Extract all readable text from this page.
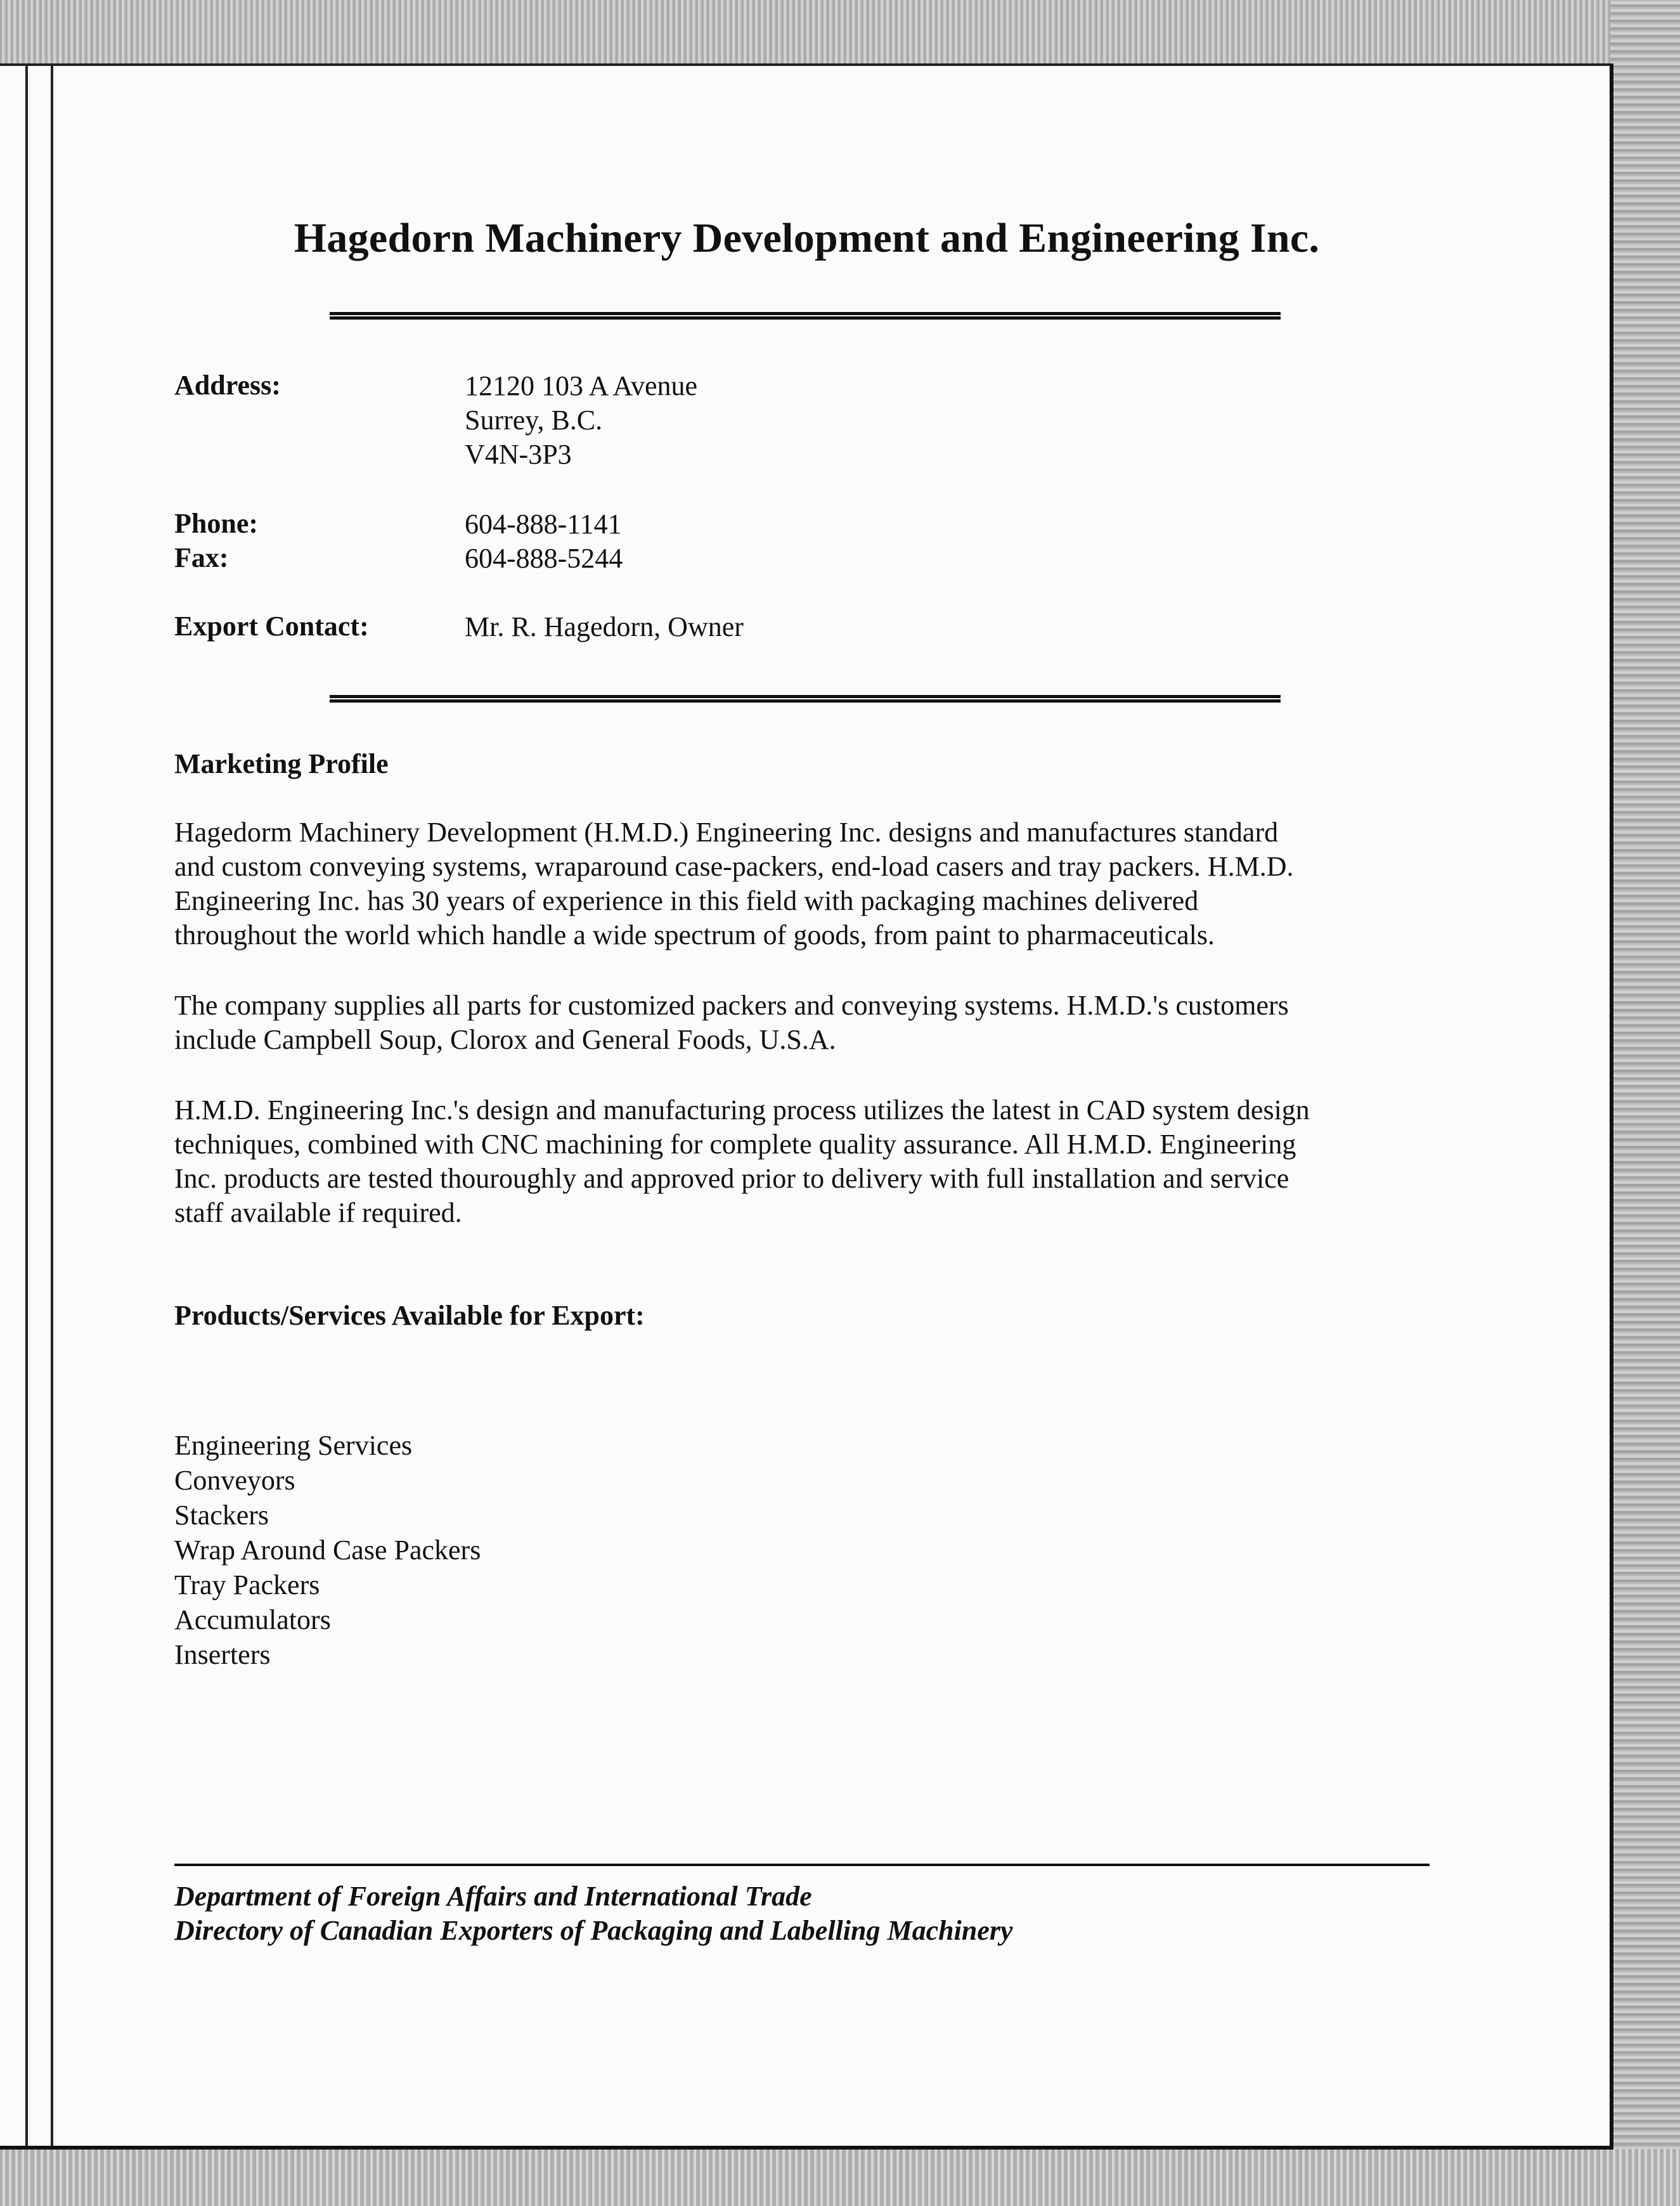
Hagedorn Machinery Development and Engineering Inc.
Address:	12120 103 A Avenue
Surrey, B.C.
V4N-3P3
Phone:	604-888-1141
Fax:	604-888-5244
Export Contact:	Mr. R. Hagedorn, Owner
Marketing Profile
Hagedorm Machinery Development (H.M.D.) Engineering Inc. designs and manufactures standard
and custom conveying systems, wraparound case-packers, end-load casers and tray packers. H.M.D.
Engineering Inc. has 30 years of experience in this field with packaging machines delivered
throughout the world which handle a wide spectrum of goods, from paint to pharmaceuticals.
The company supplies all parts for customized packers and conveying systems. H.M.D.'s customers
include Campbell Soup, Clorox and General Foods, U.S.A.
H.M.D. Engineering Inc.'s design and manufacturing process utilizes the latest in CAD system design
techniques, combined with CNC machining for complete quality assurance. All H.M.D. Engineering
Inc. products are tested thouroughly and approved prior to delivery with full installation and service
staff available if required.
Products/Services Available for Export:
Engineering Services
Conveyors
Stackers
Wrap Around Case Packers
Tray Packers
Accumulators
Inserters
Department of Foreign Affairs and International Trade
Directory of Canadian Exporters of Packaging and Labelling Machinery
